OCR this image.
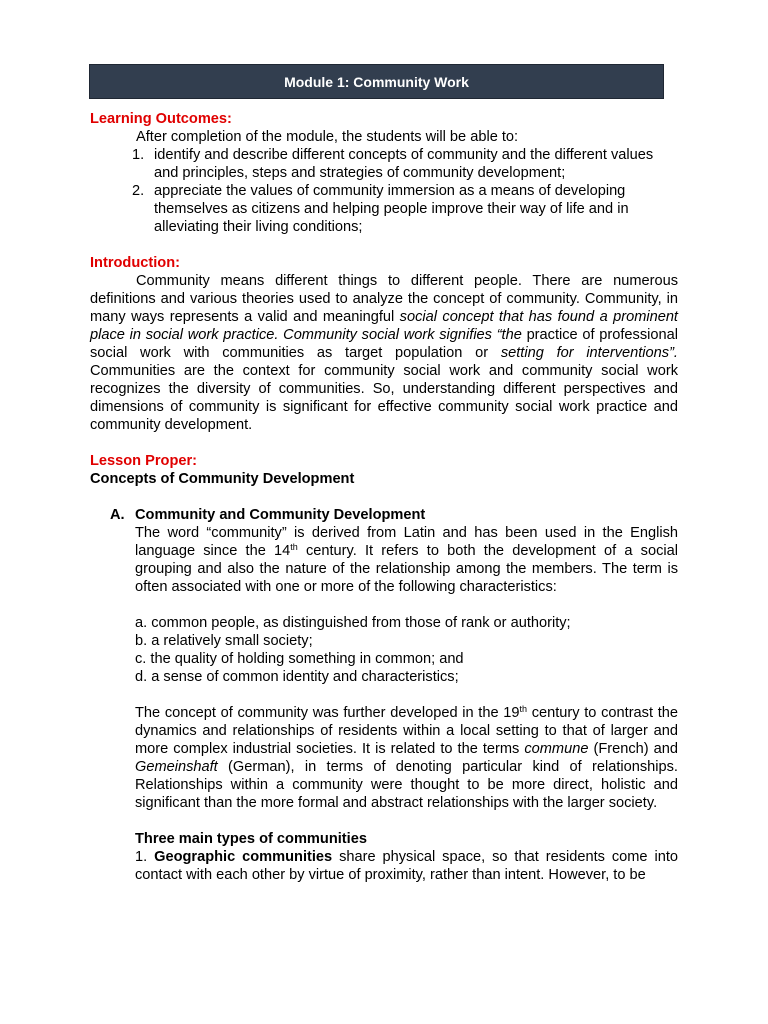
Module 1: Community Work

Learning Outcomes:

After completion of the module, the students will be able to:

1. identify and describe different concepts of community and the different values and principles, steps and strategies of community development;
2. appreciate the values of community immersion as a means of developing themselves as citizens and helping people improve their way of life and in alleviating their living conditions;

Introduction:

Community means different things to different people. There are numerous definitions and various theories used to analyze the concept of community. Community, in many ways represents a valid and meaningful social concept that has found a prominent place in social work practice. Community social work signifies “the practice of professional social work with communities as target population or setting for interventions”. Communities are the context for community social work and community social work recognizes the diversity of communities. So, understanding different perspectives and dimensions of community is significant for effective community social work practice and community development.

Lesson Proper:

Concepts of Community Development

A. Community and Community Development

The word “community” is derived from Latin and has been used in the English language since the 14th century. It refers to both the development of a social grouping and also the nature of the relationship among the members. The term is often associated with one or more of the following characteristics:

a. common people, as distinguished from those of rank or authority;

b. a relatively small society;

c. the quality of holding something in common; and

d. a sense of common identity and characteristics;

The concept of community was further developed in the 19th century to contrast the dynamics and relationships of residents within a local setting to that of larger and more complex industrial societies. It is related to the terms commune (French) and Gemeinshaft (German), in terms of denoting particular kind of relationships. Relationships within a community were thought to be more direct, holistic and significant than the more formal and abstract relationships with the larger society.

Three main types of communities

1. Geographic communities share physical space, so that residents come into contact with each other by virtue of proximity, rather than intent. However, to be
